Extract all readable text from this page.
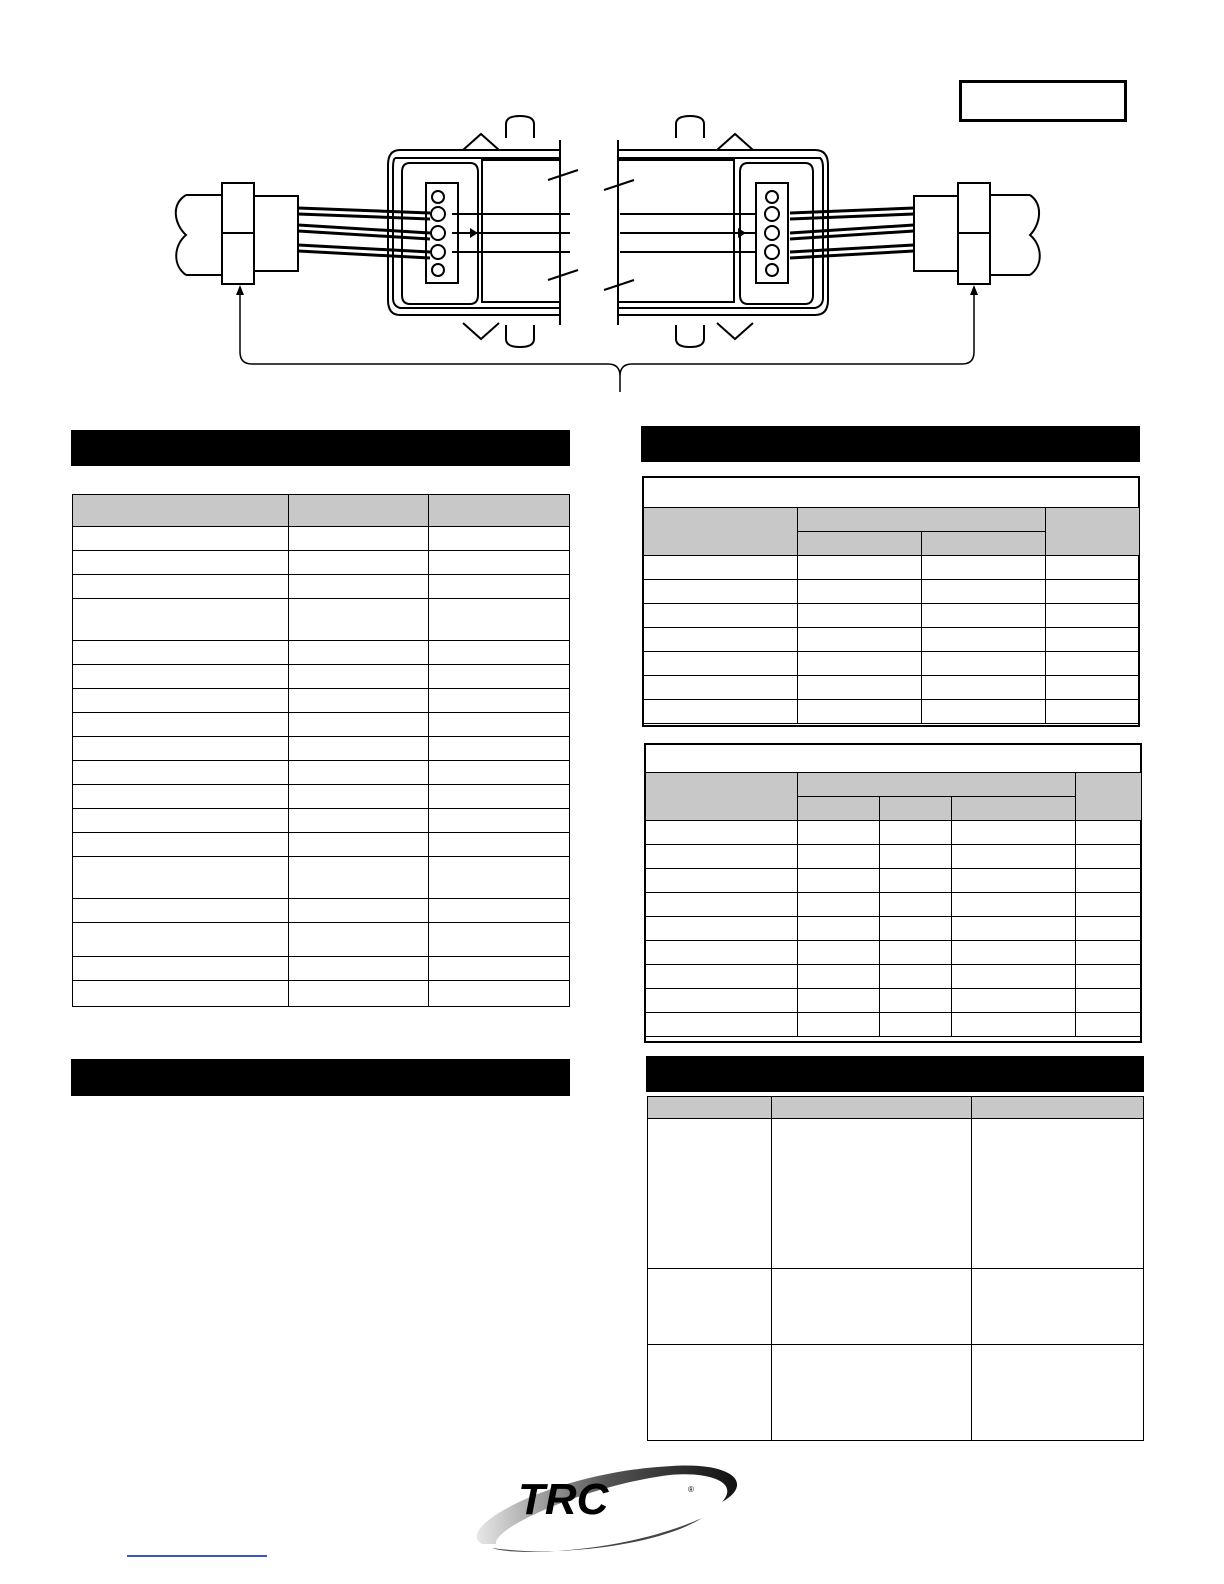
TRC	®
